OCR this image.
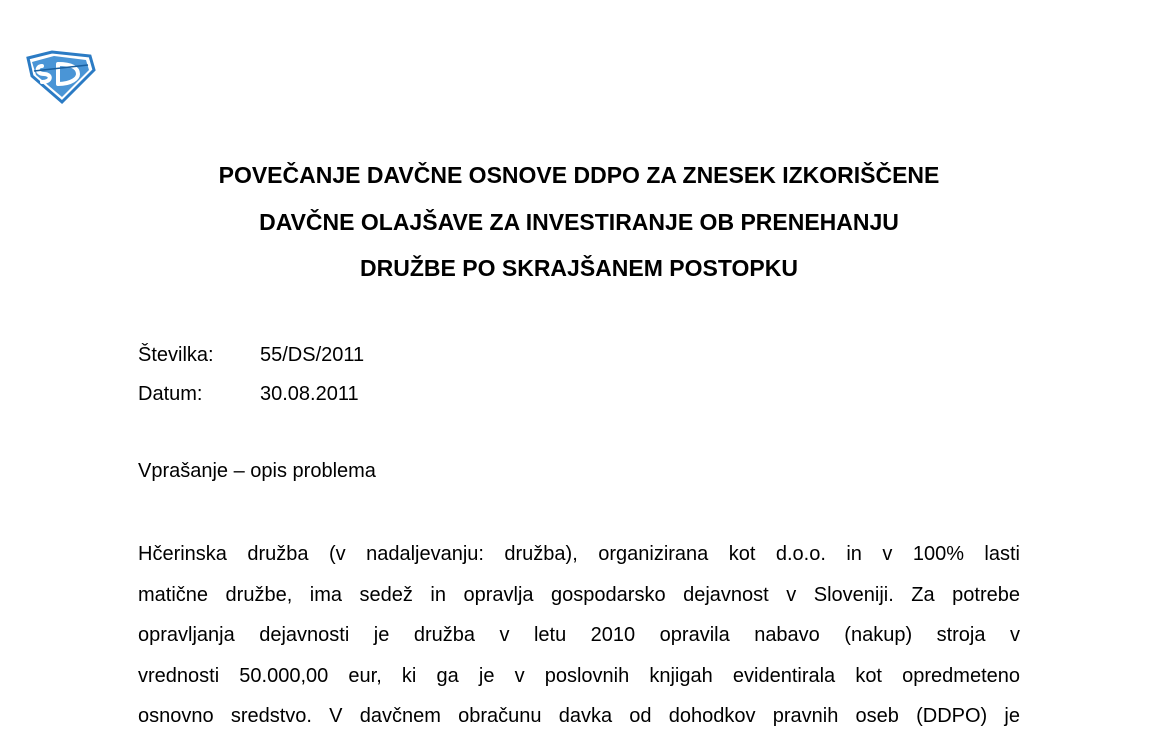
POVEČANJE DAVČNE OSNOVE DDPO ZA ZNESEK IZKORIŠČENE
DAVČNE OLAJŠAVE ZA INVESTIRANJE OB PRENEHANJU
DRUŽBE PO SKRAJŠANEM POSTOPKU
Številka:	55/DS/2011
Datum:	30.08.2011
Vprašanje – opis problema
Hčerinska družba (v nadaljevanju: družba), organizirana kot d.o.o. in v 100% lasti
matične družbe, ima sedež in opravlja gospodarsko dejavnost v Sloveniji. Za potrebe
opravljanja dejavnosti je družba v letu 2010 opravila nabavo (nakup) stroja v
vrednosti 50.000,00 eur, ki ga je v poslovnih knjigah evidentirala kot opredmeteno
osnovno sredstvo. V davčnem obračunu davka od dohodkov pravnih oseb (DDPO) je
